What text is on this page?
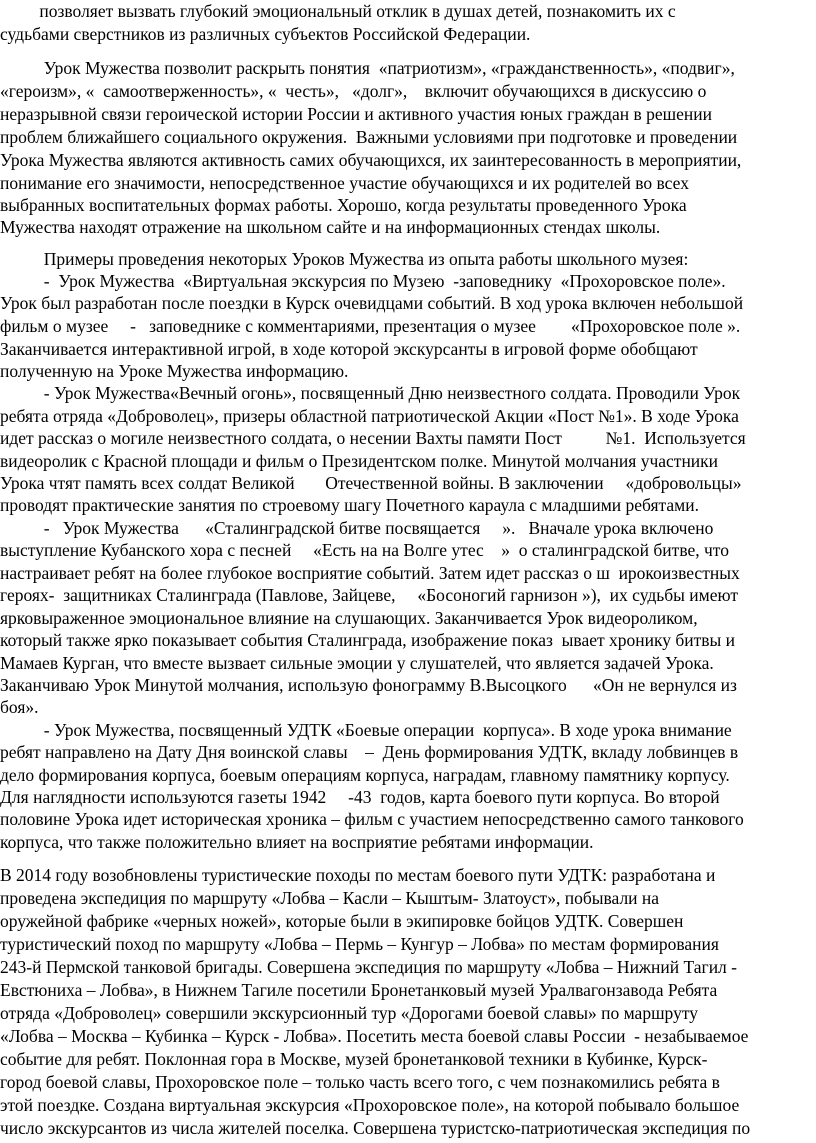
позволяет вызвать глубокий эмоциональный отклик в душах детей, познакомить их с
судьбами сверстников из различных субъектов Российской Федерации.
Урок Мужества позволит раскрыть понятия  «патриотизм», «гражданственность», «подвиг»,
«героизм», «  самоотверженность», «  честь»,   «долг»,    включит обучающихся в дискуссию о
неразрывной связи героической истории России и активного участия юных граждан в решении
проблем ближайшего социального окружения.  Важными условиями при подготовке и проведении
Урока Мужества являются активность самих обучающихся, их заинтересованность в мероприятии,
понимание его значимости, непосредственное участие обучающихся и их родителей во всех
выбранных воспитательных формах работы. Хорошо, когда результаты проведенного Урока
Мужества находят отражение на школьном сайте и на информационных стендах школы.
Примеры проведения некоторых Уроков Мужества из опыта работы школьного музея:
-  Урок Мужества  «Виртуальная экскурсия по Музею  -заповеднику  «Прохоровское поле».
Урок был разработан после поездки в Курск очевидцами событий. В ход урока включен небольшой
фильм о музее     -   заповеднике с комментариями, презентация о музее        «Прохоровское поле ».
Заканчивается интерактивной игрой, в ходе которой экскурсанты в игровой форме обобщают
полученную на Уроке Мужества информацию.
- Урок Мужества«Вечный огонь», посвященный Дню неизвестного солдата. Проводили Урок
ребята отряда «Доброволец», призеры областной патриотической Акции «Пост №1». В ходе Урока
идет рассказ о могиле неизвестного солдата, о несении Вахты памяти Пост          №1.  Используется
видеоролик с Красной площади и фильм о Президентском полке. Минутой молчания участники
Урока чтят память всех солдат Великой       Отечественной войны. В заключении     «добровольцы»
проводят практические занятия по строевому шагу Почетного караула с младшими ребятами.
-   Урок Мужества      «Сталинградской битве посвящается     ».   Вначале урока включено
выступление Кубанского хора с песней     «Есть на на Волге утес    »  о сталинградской битве, что
настраивает ребят на более глубокое восприятие событий. Затем идет рассказ о ш  ирокоизвестных
героях-  защитниках Сталинграда (Павлове, Зайцеве,     «Босоногий гарнизон »),  их судьбы имеют
ярковыраженное эмоциональное влияние на слушающих. Заканчивается Урок видеороликом,
который также ярко показывает события Сталинграда, изображение показ  ывает хронику битвы и
Мамаев Курган, что вместе вызвает сильные эмоции у слушателей, что является задачей Урока.
Заканчиваю Урок Минутой молчания, использую фонограмму В.Высоцкого      «Он не вернулся из
боя».
- Урок Мужества, посвященный УДТК «Боевые операции  корпуса». В ходе урока внимание
ребят направлено на Дату Дня воинской славы    –  День формирования УДТК, вкладу лобвинцев в
дело формирования корпуса, боевым операциям корпуса, наградам, главному памятнику корпусу.
Для наглядности используются газеты 1942     -43  годов, карта боевого пути корпуса. Во второй
половине Урока идет историческая хроника – фильм с участием непосредственно самого танкового
корпуса, что также положительно влияет на восприятие ребятами информации.
В 2014 году возобновлены туристические походы по местам боевого пути УДТК: разработана и
проведена экспедиция по маршруту «Лобва – Касли – Кыштым- Златоуст», побывали на
оружейной фабрике «черных ножей», которые были в экипировке бойцов УДТК. Совершен
туристический поход по маршруту «Лобва – Пермь – Кунгур – Лобва» по местам формирования
243-й Пермской танковой бригады. Совершена экспедиция по маршруту «Лобва – Нижний Тагил -
Евстюниха – Лобва», в Нижнем Тагиле посетили Бронетанковый музей Уралвагонзавода Ребята
отряда «Доброволец» совершили экскурсионный тур «Дорогами боевой славы» по маршруту
«Лобва – Москва – Кубинка – Курск - Лобва». Посетить места боевой славы России  - незабываемое
событие для ребят. Поклонная гора в Москве, музей бронетанковой техники в Кубинке, Курск-
город боевой славы, Прохоровское поле – только часть всего того, с чем познакомились ребята в
этой поездке. Создана виртуальная экскурсия «Прохоровское поле», на которой побывало большое
число экскурсантов из числа жителей поселка. Совершена туристско-патриотическая экспедиция по
